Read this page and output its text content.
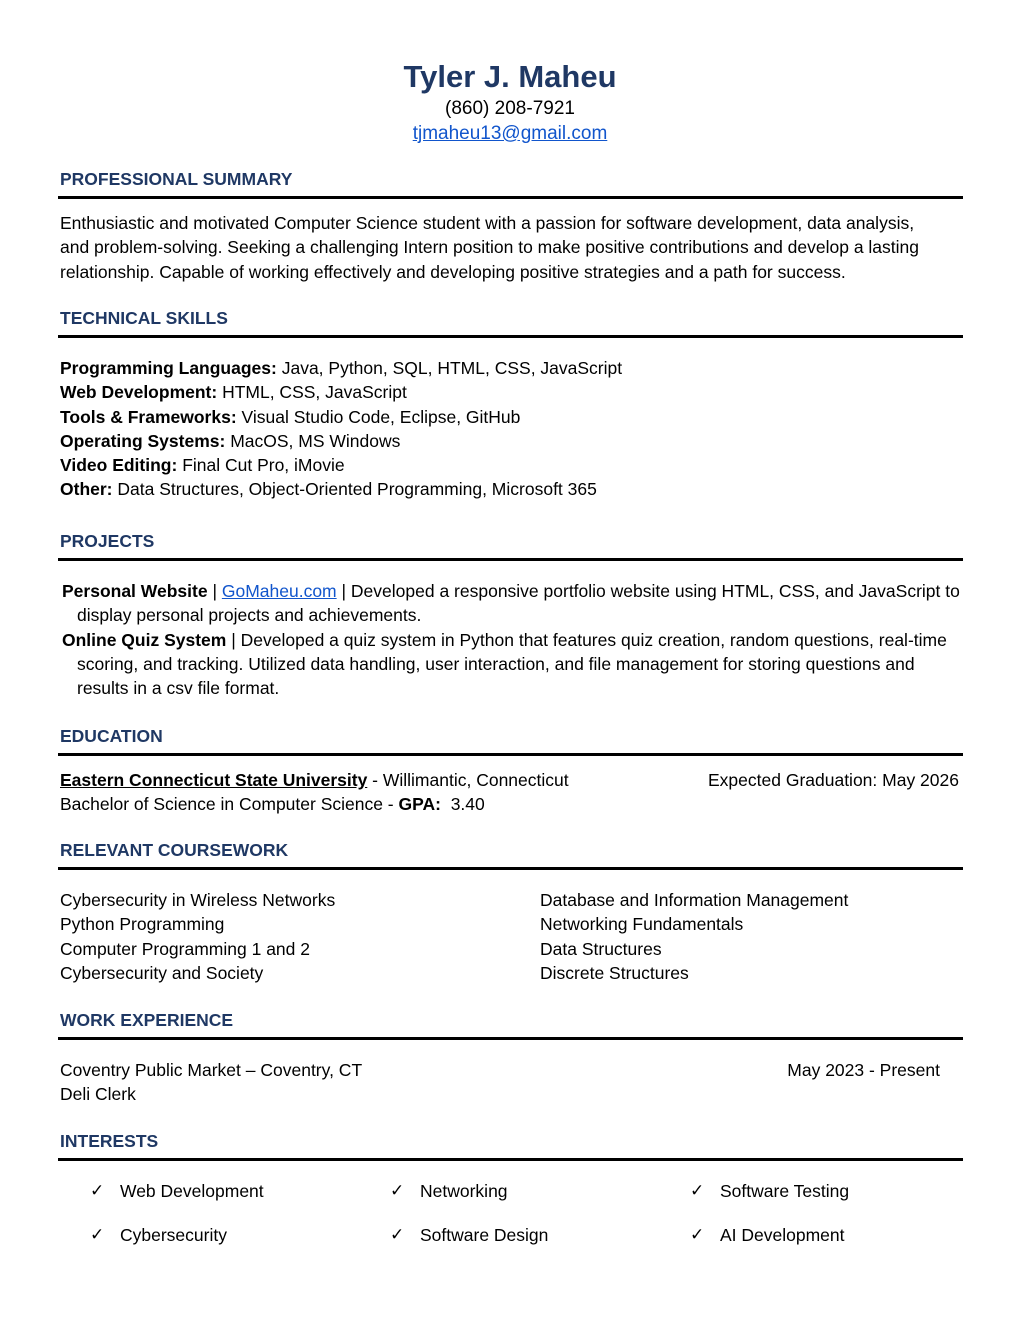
Tyler J. Maheu
(860) 208-7921
tjmaheu13@gmail.com
PROFESSIONAL SUMMARY
Enthusiastic and motivated Computer Science student with a passion for software development, data analysis,
and problem-solving. Seeking a challenging Intern position to make positive contributions and develop a lasting
relationship. Capable of working effectively and developing positive strategies and a path for success.
TECHNICAL SKILLS
Programming Languages: Java, Python, SQL, HTML, CSS, JavaScript
Web Development: HTML, CSS, JavaScript
Tools & Frameworks: Visual Studio Code, Eclipse, GitHub
Operating Systems: MacOS, MS Windows
Video Editing: Final Cut Pro, iMovie
Other: Data Structures, Object-Oriented Programming, Microsoft 365
PROJECTS
Personal Website | GoMaheu.com | Developed a responsive portfolio website using HTML, CSS, and JavaScript to display personal projects and achievements.
Online Quiz System | Developed a quiz system in Python that features quiz creation, random questions, real-time scoring, and tracking. Utilized data handling, user interaction, and file management for storing questions and results in a csv file format.
EDUCATION
Eastern Connecticut State University - Willimantic, Connecticut	Expected Graduation: May 2026
Bachelor of Science in Computer Science - GPA: 3.40
RELEVANT COURSEWORK
Cybersecurity in Wireless Networks	Database and Information Management
Python Programming	Networking Fundamentals
Computer Programming 1 and 2	Data Structures
Cybersecurity and Society	Discrete Structures
WORK EXPERIENCE
Coventry Public Market – Coventry, CT	May 2023 - Present
Deli Clerk
INTERESTS
✓ Web Development	✓ Networking	✓ Software Testing
✓ Cybersecurity	✓ Software Design	✓ AI Development
